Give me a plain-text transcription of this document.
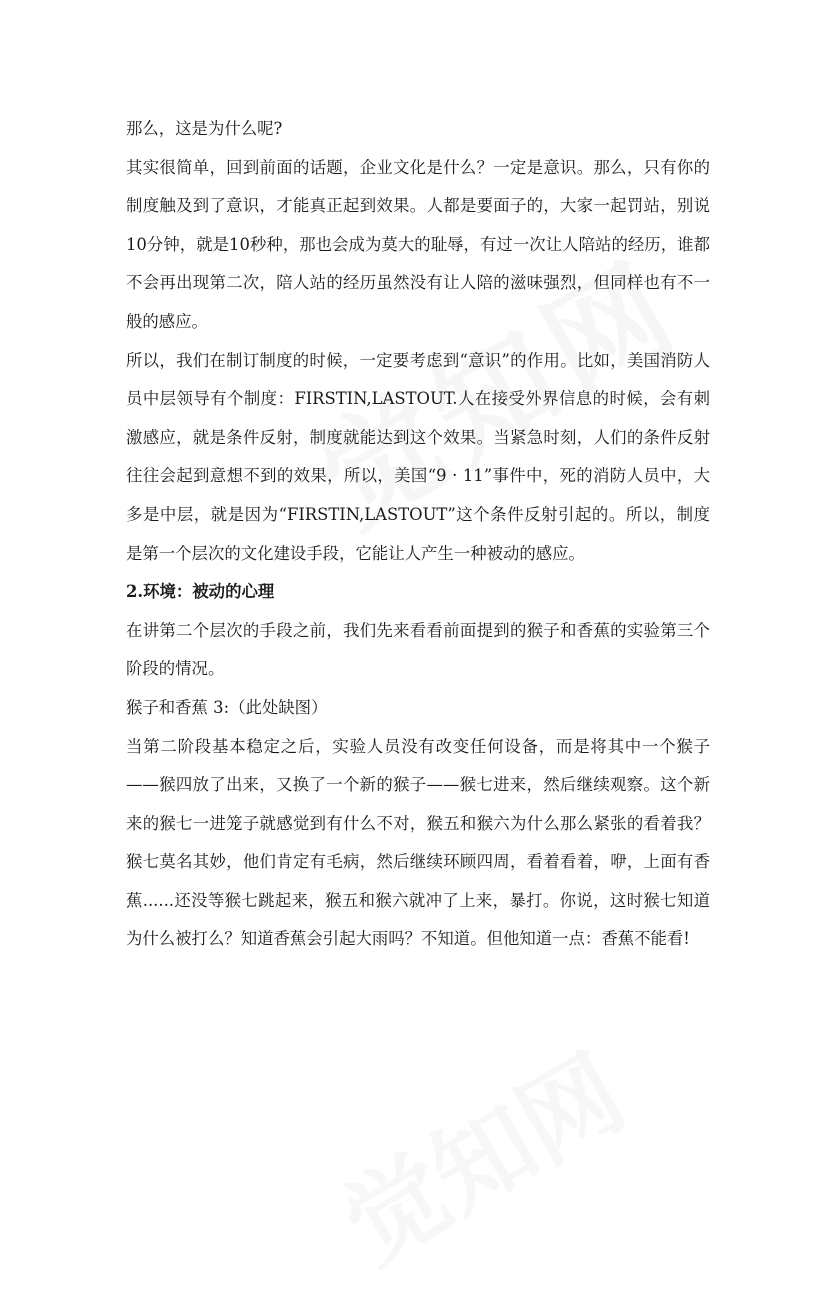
那么，这是为什么呢?

其实很简单，回到前面的话题，企业文化是什么？一定是意识。那么，只有你的制度触及到了意识，才能真正起到效果。人都是要面子的，大家一起罚站，别说10分钟，就是10秒种，那也会成为莫大的耻辱，有过一次让人陪站的经历，谁都不会再出现第二次，陪人站的经历虽然没有让人陪的滋味强烈，但同样也有不一般的感应。

所以，我们在制订制度的时候，一定要考虑到“意识”的作用。比如，美国消防人员中层领导有个制度：FIRSTIN,LASTOUT.人在接受外界信息的时候，会有刺激感应，就是条件反射，制度就能达到这个效果。当紧急时刻，人们的条件反射往往会起到意想不到的效果，所以，美国“9 · 11”事件中，死的消防人员中，大多是中层，就是因为“FIRSTIN,LASTOUT”这个条件反射引起的。所以，制度是第一个层次的文化建设手段，它能让人产生一种被动的感应。

2.环境：被动的心理

在讲第二个层次的手段之前，我们先来看看前面提到的猴子和香蕉的实验第三个阶段的情况。

猴子和香蕉 3:（此处缺图）

当第二阶段基本稳定之后，实验人员没有改变任何设备，而是将其中一个猴子——猴四放了出来，又换了一个新的猴子——猴七进来，然后继续观察。这个新来的猴七一进笼子就感觉到有什么不对，猴五和猴六为什么那么紧张的看着我？猴七莫名其妙，他们肯定有毛病，然后继续环顾四周，看着看着，咿，上面有香蕉......还没等猴七跳起来，猴五和猴六就冲了上来，暴打。你说，这时猴七知道为什么被打么？知道香蕉会引起大雨吗？不知道。但他知道一点：香蕉不能看!
